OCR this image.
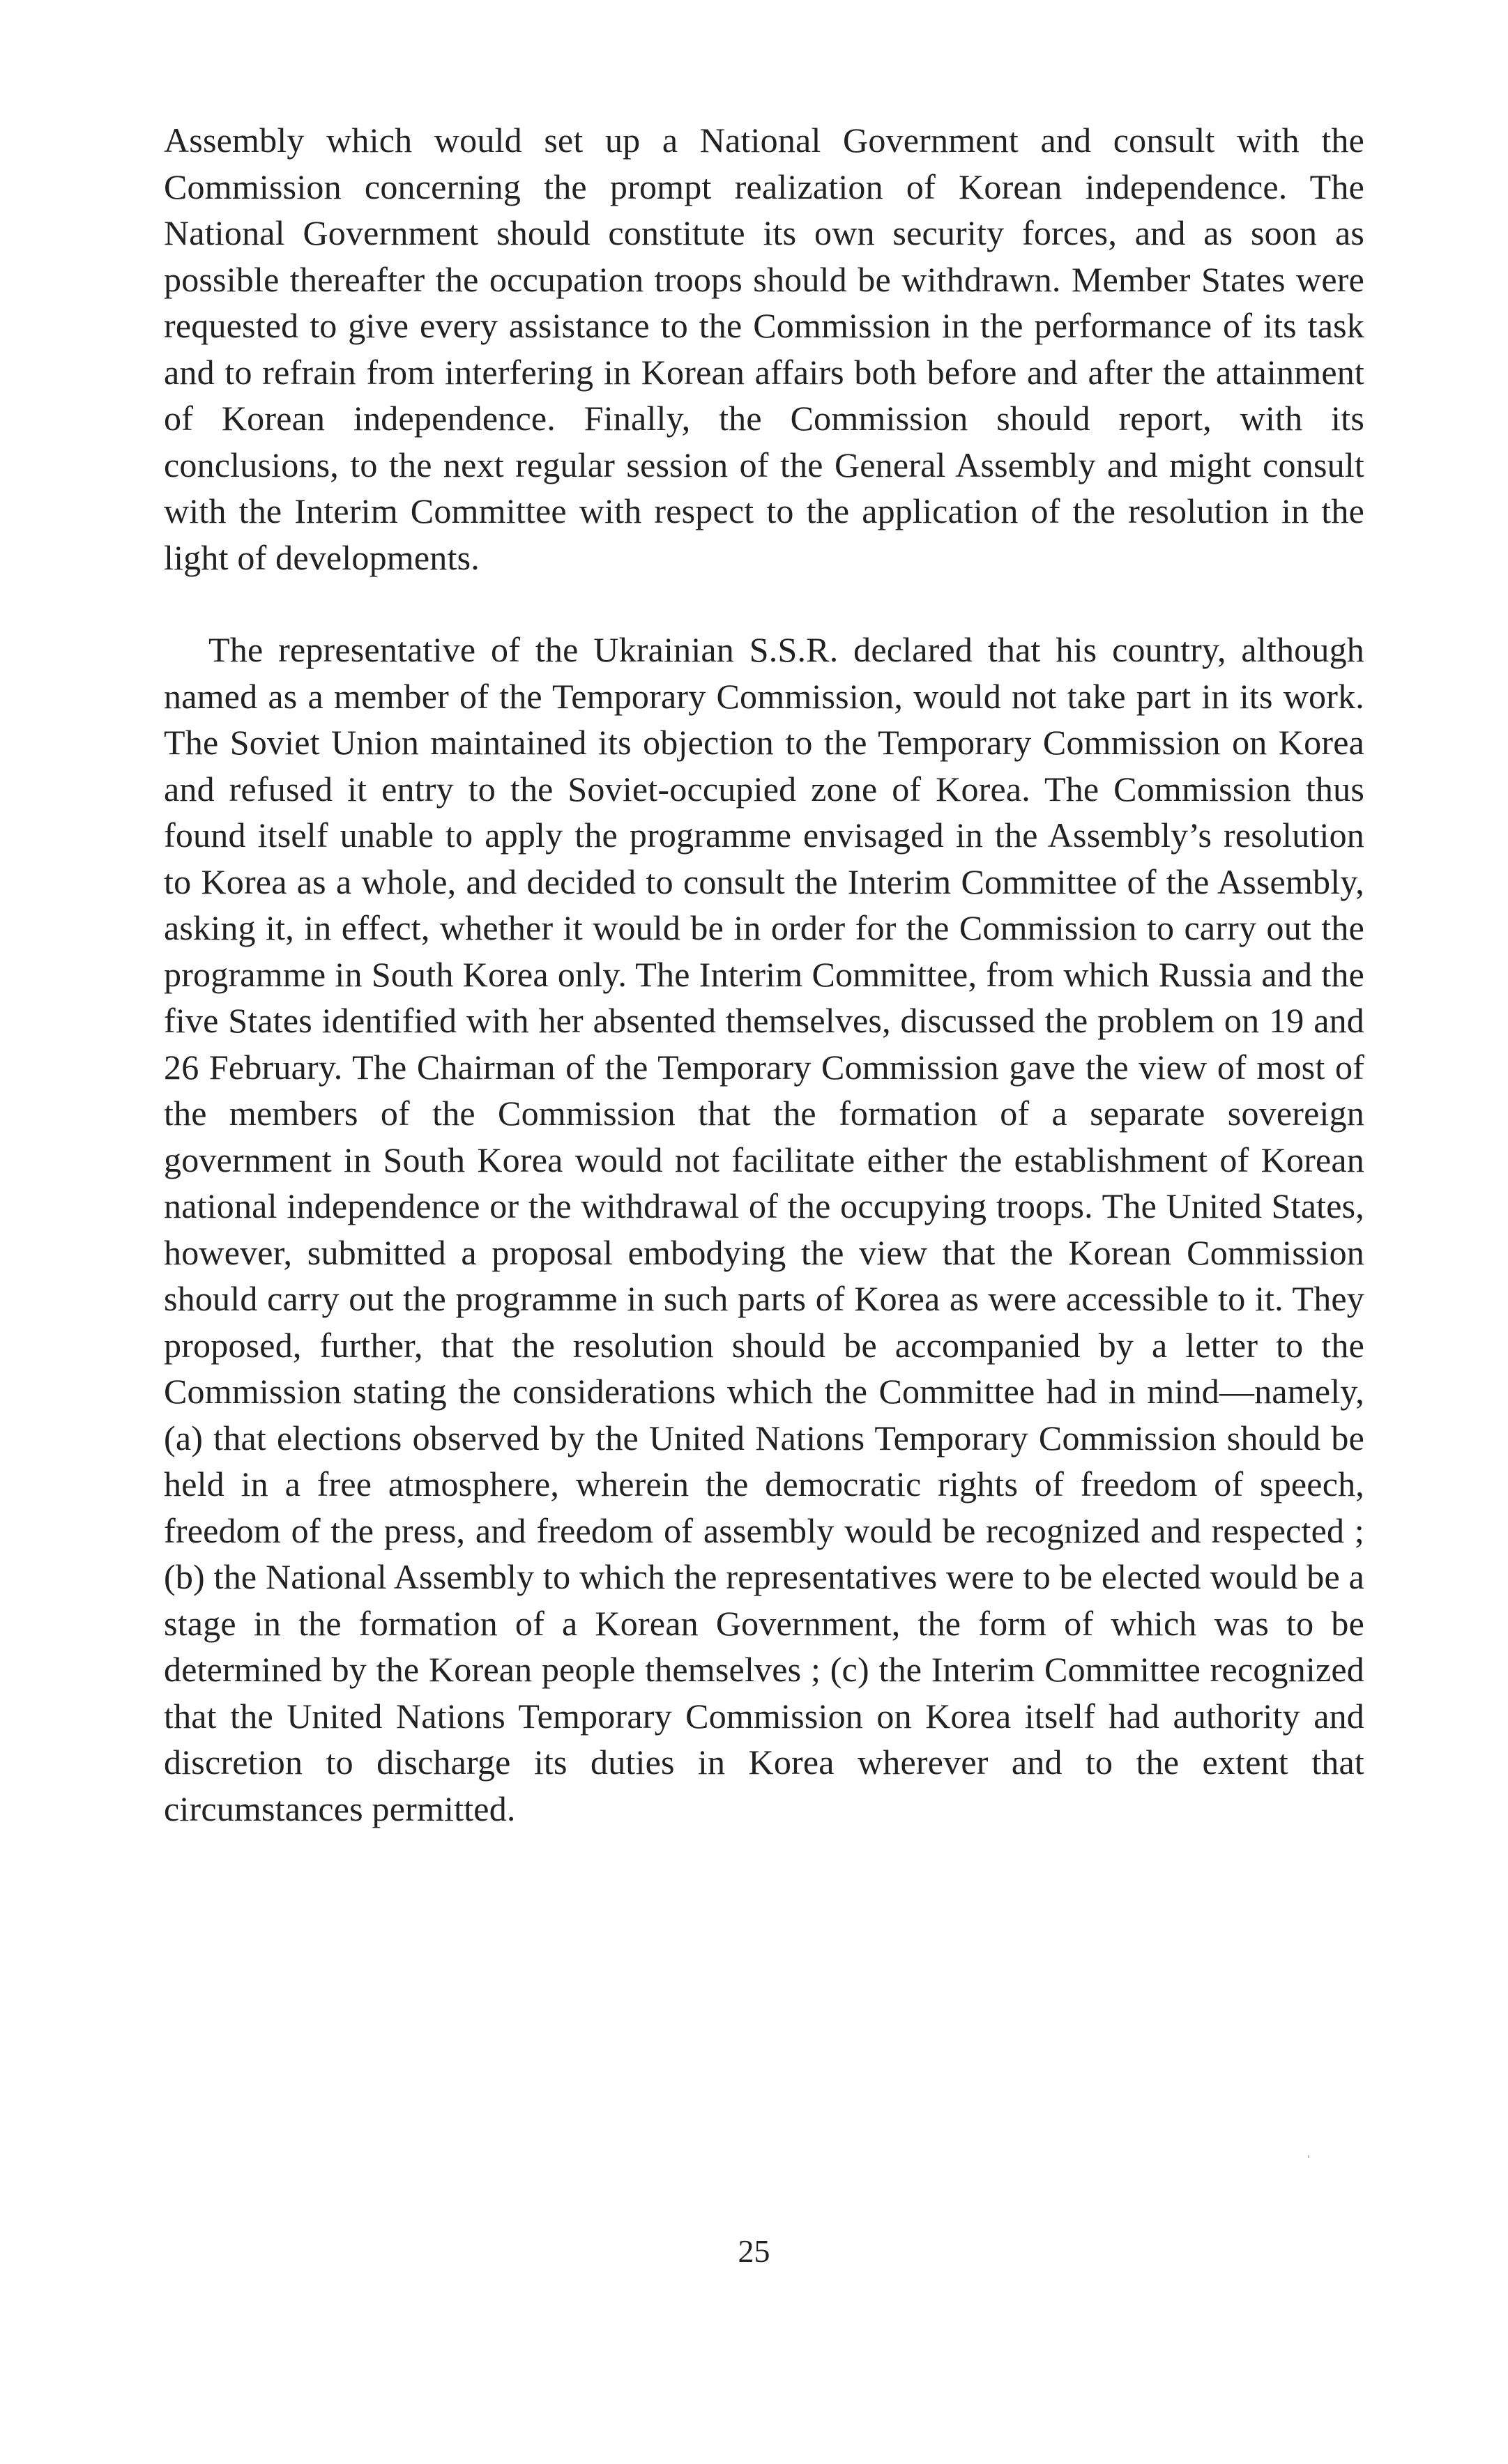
Assembly which would set up a National Government and consult with the Commission concerning the prompt realization of Korean independence. The National Government should constitute its own security forces, and as soon as possible thereafter the occupation troops should be withdrawn. Member States were requested to give every assistance to the Commission in the performance of its task and to refrain from interfering in Korean affairs both before and after the attainment of Korean independence. Finally, the Commission should report, with its conclusions, to the next regular session of the General Assembly and might consult with the Interim Committee with respect to the application of the resolution in the light of developments.

The representative of the Ukrainian S.S.R. declared that his country, although named as a member of the Temporary Commission, would not take part in its work. The Soviet Union maintained its objection to the Temporary Commission on Korea and refused it entry to the Soviet-occupied zone of Korea. The Commission thus found itself unable to apply the programme envisaged in the Assembly’s resolution to Korea as a whole, and decided to consult the Interim Committee of the Assembly, asking it, in effect, whether it would be in order for the Commission to carry out the programme in South Korea only. The Interim Committee, from which Russia and the five States identified with her absented themselves, discussed the problem on 19 and 26 February. The Chairman of the Temporary Commission gave the view of most of the members of the Commission that the formation of a separate sovereign government in South Korea would not facilitate either the establishment of Korean national independence or the withdrawal of the occupying troops. The United States, however, submitted a proposal embodying the view that the Korean Commission should carry out the programme in such parts of Korea as were accessible to it. They proposed, further, that the resolution should be accompanied by a letter to the Commission stating the considerations which the Committee had in mind—namely, (a) that elections observed by the United Nations Temporary Commission should be held in a free atmosphere, wherein the democratic rights of freedom of speech, freedom of the press, and freedom of assembly would be recognized and respected ; (b) the National Assembly to which the representatives were to be elected would be a stage in the formation of a Korean Government, the form of which was to be determined by the Korean people themselves ; (c) the Interim Committee recognized that the United Nations Temporary Commission on Korea itself had authority and discretion to discharge its duties in Korea wherever and to the extent that circumstances permitted.

25
